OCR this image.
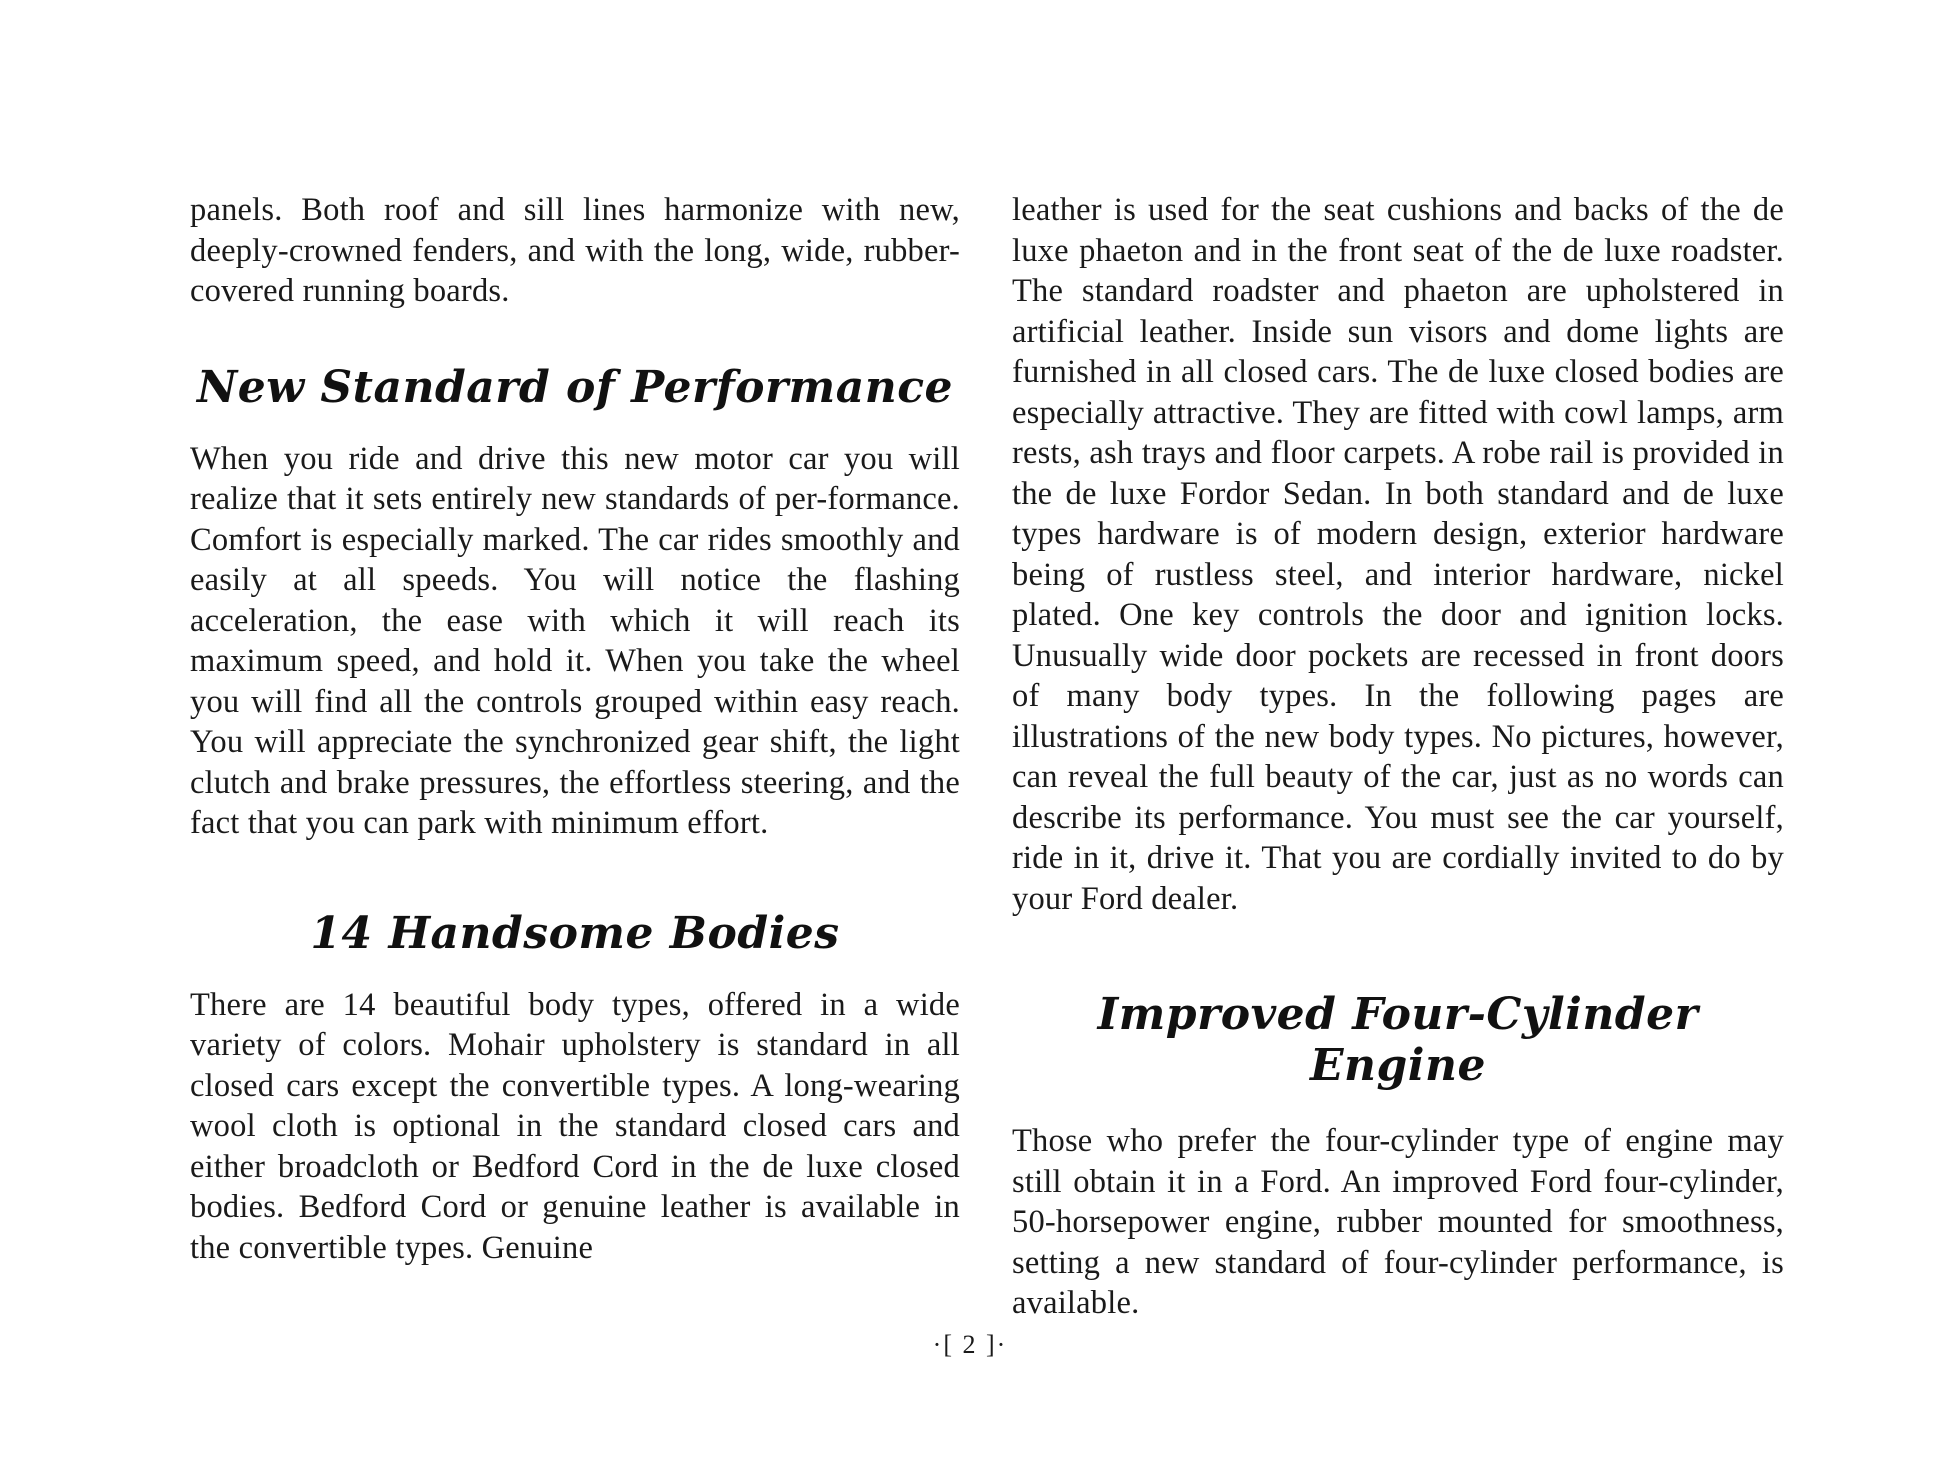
panels. Both roof and sill lines harmonize with new, deeply-crowned fenders, and with the long, wide, rubber-covered running boards.

New Standard of Performance

When you ride and drive this new motor car you will realize that it sets entirely new standards of per-formance. Comfort is especially marked. The car rides smoothly and easily at all speeds. You will notice the flashing acceleration, the ease with which it will reach its maximum speed, and hold it. When you take the wheel you will find all the controls grouped within easy reach. You will appreciate the synchronized gear shift, the light clutch and brake pressures, the effortless steering, and the fact that you can park with minimum effort.

14 Handsome Bodies

There are 14 beautiful body types, offered in a wide variety of colors. Mohair upholstery is standard in all closed cars except the convertible types. A long-wearing wool cloth is optional in the standard closed cars and either broadcloth or Bedford Cord in the de luxe closed bodies. Bedford Cord or genuine leather is available in the convertible types. Genuine

leather is used for the seat cushions and backs of the de luxe phaeton and in the front seat of the de luxe roadster. The standard roadster and phaeton are upholstered in artificial leather. Inside sun visors and dome lights are furnished in all closed cars. The de luxe closed bodies are especially attractive. They are fitted with cowl lamps, arm rests, ash trays and floor carpets. A robe rail is provided in the de luxe Fordor Sedan. In both standard and de luxe types hardware is of modern design, exterior hardware being of rustless steel, and interior hardware, nickel plated. One key controls the door and ignition locks. Unusually wide door pockets are recessed in front doors of many body types. In the following pages are illustrations of the new body types. No pictures, however, can reveal the full beauty of the car, just as no words can describe its performance. You must see the car yourself, ride in it, drive it. That you are cordially invited to do by your Ford dealer.

Improved Four-Cylinder Engine

Those who prefer the four-cylinder type of engine may still obtain it in a Ford. An improved Ford four-cylinder, 50-horsepower engine, rubber mounted for smoothness, setting a new standard of four-cylinder performance, is available.

·[ 2 ]·
